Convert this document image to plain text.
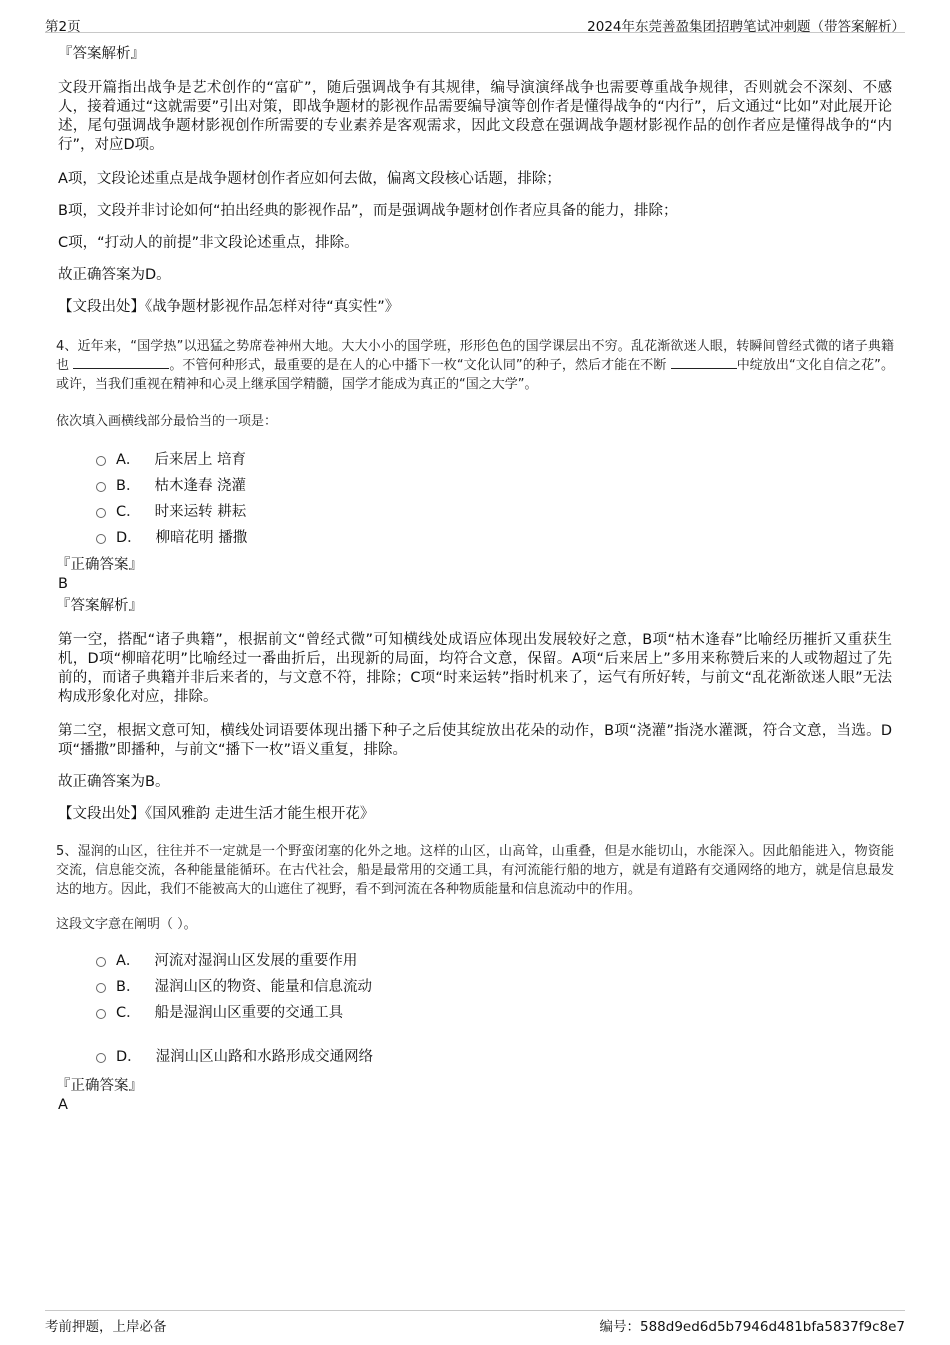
第2页	2024年东莞善盈集团招聘笔试冲刺题（带答案解析）
『答案解析』

文段开篇指出战争是艺术创作的“富矿”，随后强调战争有其规律，编导演演绎战争也需要尊重战争规律，否则就会不深刻、不感人，接着通过“这就需要”引出对策，即战争题材的影视作品需要编导演等创作者是懂得战争的“内行”，后文通过“比如”对此展开论述，尾句强调战争题材影视创作所需要的专业素养是客观需求，因此文段意在强调战争题材影视作品的创作者应是懂得战争的“内行”，对应D项。

A项，文段论述重点是战争题材创作者应如何去做，偏离文段核心话题，排除；

B项，文段并非讨论如何“拍出经典的影视作品”，而是强调战争题材创作者应具备的能力，排除；

C项，“打动人的前提”非文段论述重点，排除。

故正确答案为D。

【文段出处】《战争题材影视作品怎样对待“真实性”》

4、近年来，“国学热”以迅猛之势席卷神州大地。大大小小的国学班，形形色色的国学课层出不穷。乱花渐欲迷人眼，转瞬间曾经式微的诸子典籍也	。不管何种形式，最重要的是在人的心中播下一枚“文化认同”的种子，然后才能在不断	中绽放出“文化自信之花”。或许，当我们重视在精神和心灵上继承国学精髓，国学才能成为真正的“国之大学”。

依次填入画横线部分最恰当的一项是：

A． 后来居上 培育
B． 枯木逢春 浇灌
C． 时来运转 耕耘
D． 柳暗花明 播撒
『正确答案』
B
『答案解析』

第一空，搭配“诸子典籍”，根据前文“曾经式微”可知横线处成语应体现出发展较好之意，B项“枯木逢春”比喻经历摧折又重获生机，D项“柳暗花明”比喻经过一番曲折后，出现新的局面，均符合文意，保留。A项“后来居上”多用来称赞后来的人或物超过了先前的，而诸子典籍并非后来者的，与文意不符，排除；C项“时来运转”指时机来了，运气有所好转，与前文“乱花渐欲迷人眼”无法构成形象化对应，排除。

第二空，根据文意可知，横线处词语要体现出播下种子之后使其绽放出花朵的动作，B项“浇灌”指浇水灌溉，符合文意，当选。D项“播撒”即播种，与前文“播下一枚”语义重复，排除。

故正确答案为B。

【文段出处】《国风雅韵 走进生活才能生根开花》

5、湿润的山区，往往并不一定就是一个野蛮闭塞的化外之地。这样的山区，山高耸，山重叠，但是水能切山，水能深入。因此船能进入，物资能交流，信息能交流，各种能量能循环。在古代社会，船是最常用的交通工具，有河流能行船的地方，就是有道路有交通网络的地方，就是信息最发达的地方。因此，我们不能被高大的山遮住了视野，看不到河流在各种物质能量和信息流动中的作用。

这段文字意在阐明（ ）。

A． 河流对湿润山区发展的重要作用
B． 湿润山区的物资、能量和信息流动
C． 船是湿润山区重要的交通工具
D． 湿润山区山路和水路形成交通网络
『正确答案』
A
考前押题，上岸必备	编号：588d9ed6d5b7946d481bfa5837f9c8e7
